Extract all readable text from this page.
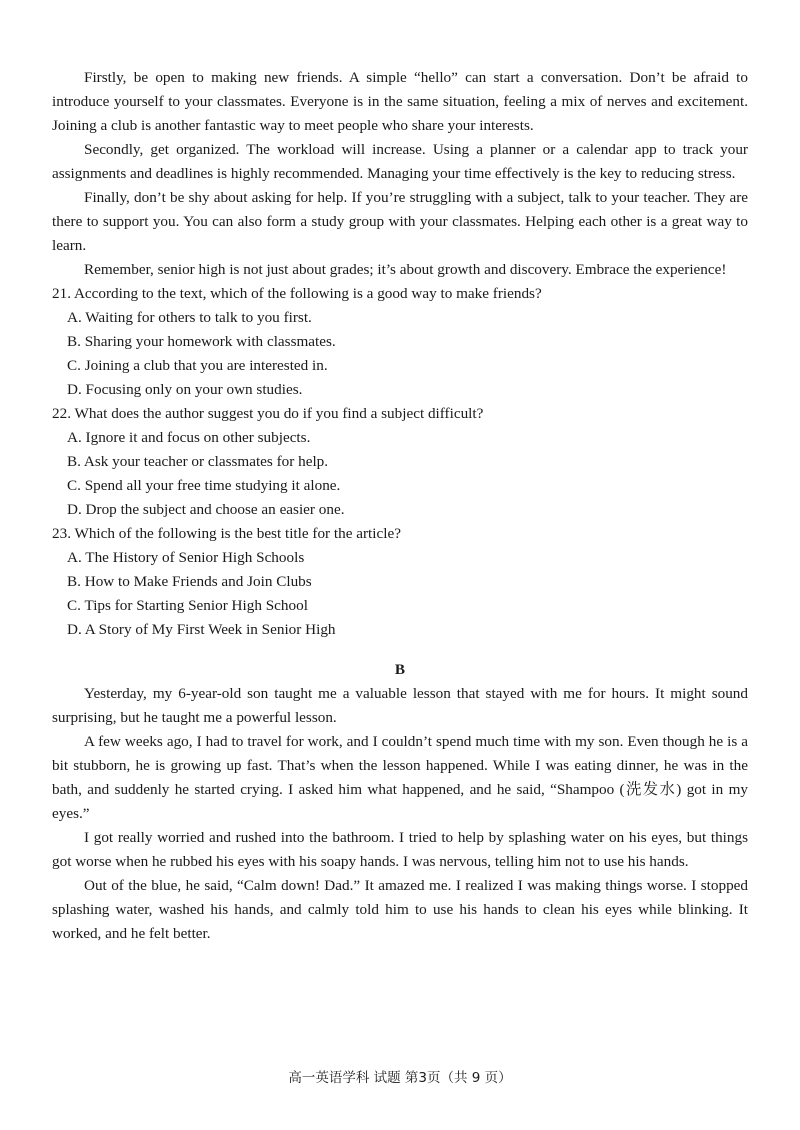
Firstly, be open to making new friends. A simple “hello” can start a conversation. Don’t be afraid to introduce yourself to your classmates. Everyone is in the same situation, feeling a mix of nerves and excitement. Joining a club is another fantastic way to meet people who share your interests.

Secondly, get organized. The workload will increase. Using a planner or a calendar app to track your assignments and deadlines is highly recommended. Managing your time effectively is the key to reducing stress.

Finally, don’t be shy about asking for help. If you’re struggling with a subject, talk to your teacher. They are there to support you. You can also form a study group with your classmates. Helping each other is a great way to learn.

Remember, senior high is not just about grades; it’s about growth and discovery. Embrace the experience!

21. According to the text, which of the following is a good way to make friends?

A. Waiting for others to talk to you first.

B. Sharing your homework with classmates.

C. Joining a club that you are interested in.

D. Focusing only on your own studies.

22. What does the author suggest you do if you find a subject difficult?

A. Ignore it and focus on other subjects.

B. Ask your teacher or classmates for help.

C. Spend all your free time studying it alone.

D. Drop the subject and choose an easier one.

23. Which of the following is the best title for the article?

A. The History of Senior High Schools

B. How to Make Friends and Join Clubs

C. Tips for Starting Senior High School

D. A Story of My First Week in Senior High

B

Yesterday, my 6-year-old son taught me a valuable lesson that stayed with me for hours. It might sound surprising, but he taught me a powerful lesson.

A few weeks ago, I had to travel for work, and I couldn’t spend much time with my son. Even though he is a bit stubborn, he is growing up fast. That’s when the lesson happened. While I was eating dinner, he was in the bath, and suddenly he started crying. I asked him what happened, and he said, “Shampoo (洗发水) got in my eyes.”

I got really worried and rushed into the bathroom. I tried to help by splashing water on his eyes, but things got worse when he rubbed his eyes with his soapy hands. I was nervous, telling him not to use his hands.

Out of the blue, he said, “Calm down! Dad.” It amazed me. I realized I was making things worse. I stopped splashing water, washed his hands, and calmly told him to use his hands to clean his eyes while blinking. It worked, and he felt better.

高一英语学科 试题 第3页（共 9 页）
